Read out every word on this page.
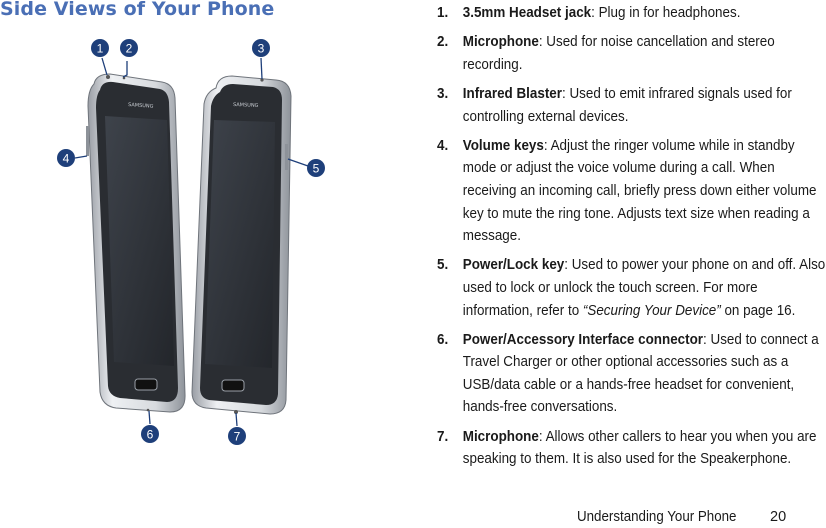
Side Views of Your Phone
SAMSUNG	SAMSUNG
1 2	3
4
5
6	7
1. 3.5mm Headset jack: Plug in for headphones.
2. Microphone: Used for noise cancellation and stereo recording.
3. Infrared Blaster: Used to emit infrared signals used for controlling external devices.
4. Volume keys: Adjust the ringer volume while in standby mode or adjust the voice volume during a call. When receiving an incoming call, briefly press down either volume key to mute the ring tone. Adjusts text size when reading a message.
5. Power/Lock key: Used to power your phone on and off. Also used to lock or unlock the touch screen. For more information, refer to “Securing Your Device” on page 16.
6. Power/Accessory Interface connector: Used to connect a Travel Charger or other optional accessories such as a USB/data cable or a hands-free headset for convenient, hands-free conversations.
7. Microphone: Allows other callers to hear you when you are speaking to them. It is also used for the Speakerphone.
Understanding Your Phone 20
